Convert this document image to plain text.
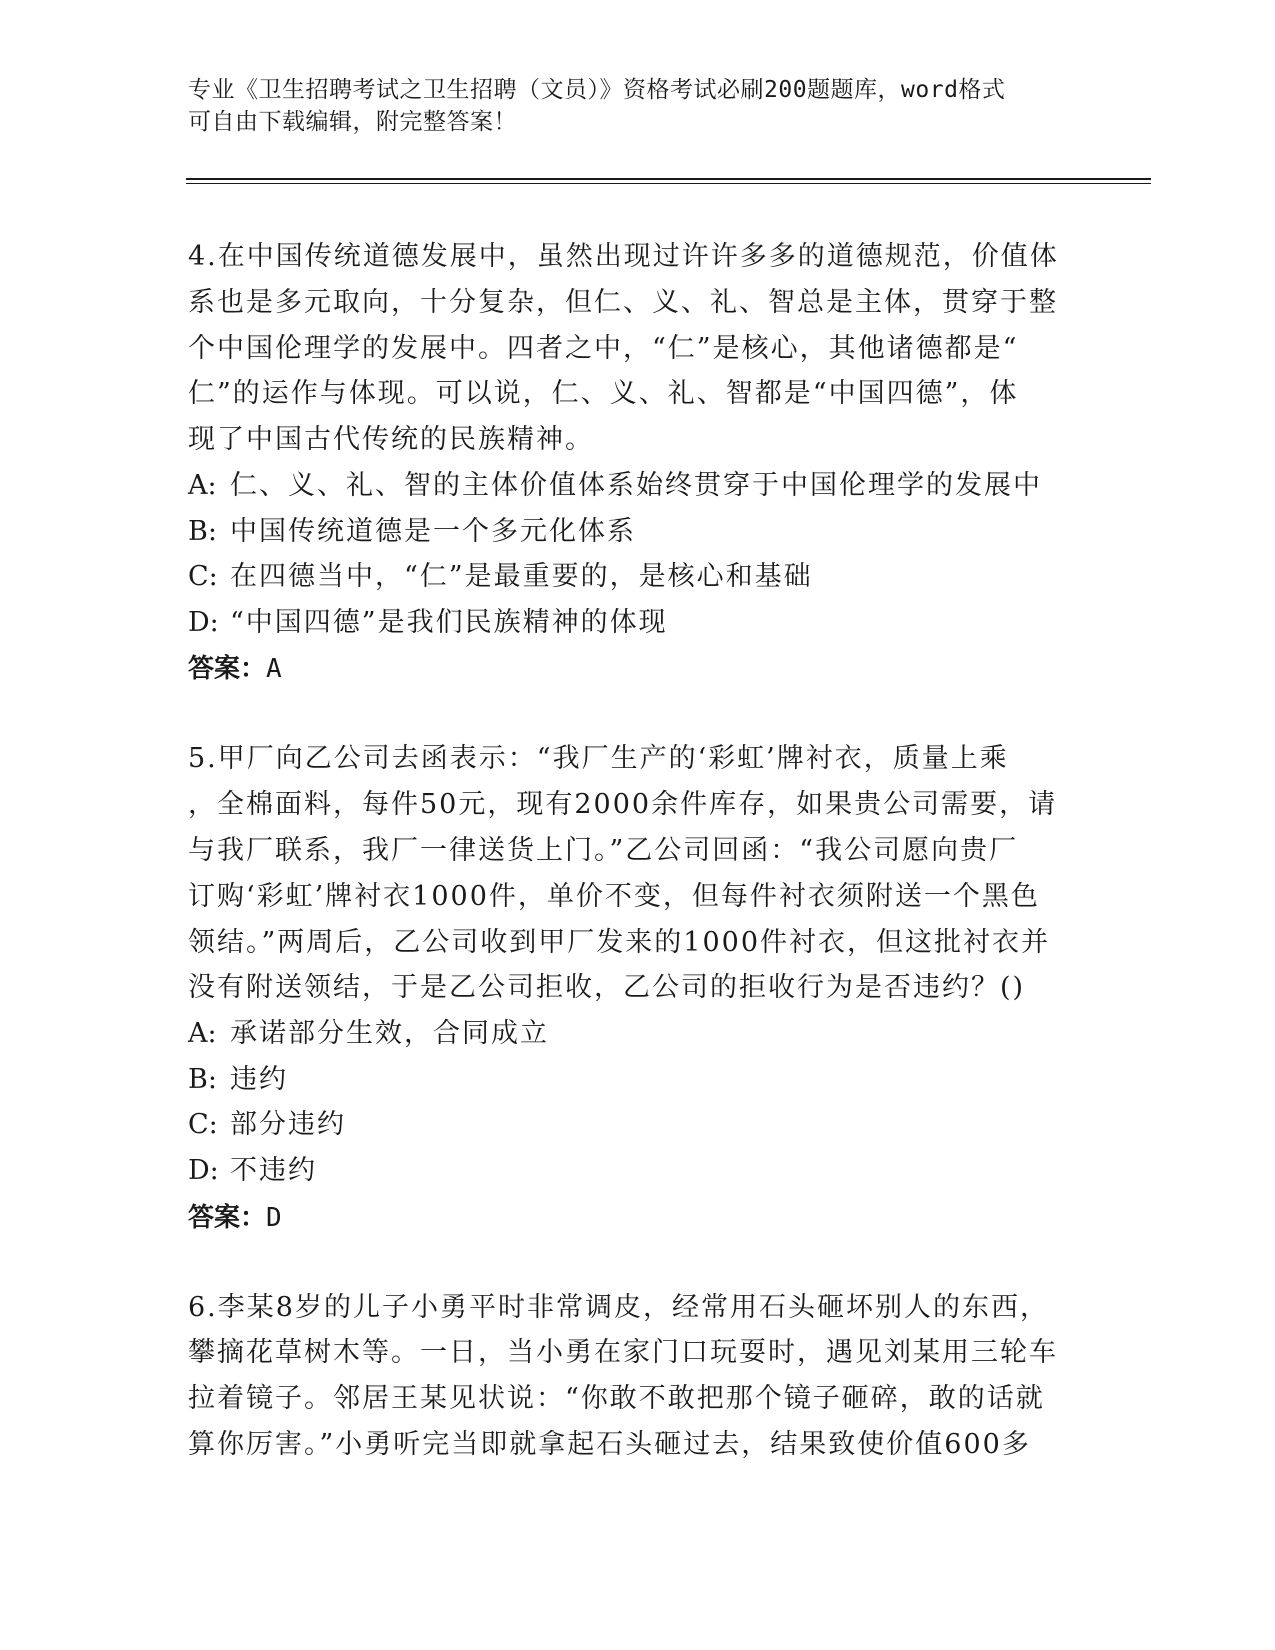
专业《卫生招聘考试之卫生招聘（文员）》资格考试必刷200题题库，word格式
可自由下载编辑，附完整答案！
4.在中国传统道德发展中，虽然出现过许许多多的道德规范，价值体
系也是多元取向，十分复杂，但仁、义、礼、智总是主体，贯穿于整
个中国伦理学的发展中。四者之中，“仁”是核心，其他诸德都是“
仁”的运作与体现。可以说，仁、义、礼、智都是“中国四德”，体
现了中国古代传统的民族精神。
A: 仁、义、礼、智的主体价值体系始终贯穿于中国伦理学的发展中
B: 中国传统道德是一个多元化体系
C: 在四德当中，“仁”是最重要的，是核心和基础
D: “中国四德”是我们民族精神的体现
答案：A
5.甲厂向乙公司去函表示：“我厂生产的‘彩虹’牌衬衣，质量上乘
，全棉面料，每件50元，现有2000余件库存，如果贵公司需要，请
与我厂联系，我厂一律送货上门。”乙公司回函：“我公司愿向贵厂
订购‘彩虹’牌衬衣1000件，单价不变，但每件衬衣须附送一个黑色
领结。”两周后，乙公司收到甲厂发来的1000件衬衣，但这批衬衣并
没有附送领结，于是乙公司拒收，乙公司的拒收行为是否违约？()
A: 承诺部分生效，合同成立
B: 违约
C: 部分违约
D: 不违约
答案：D
6.李某8岁的儿子小勇平时非常调皮，经常用石头砸坏别人的东西，
攀摘花草树木等。一日，当小勇在家门口玩耍时，遇见刘某用三轮车
拉着镜子。邻居王某见状说：“你敢不敢把那个镜子砸碎，敢的话就
算你厉害。”小勇听完当即就拿起石头砸过去，结果致使价值600多
